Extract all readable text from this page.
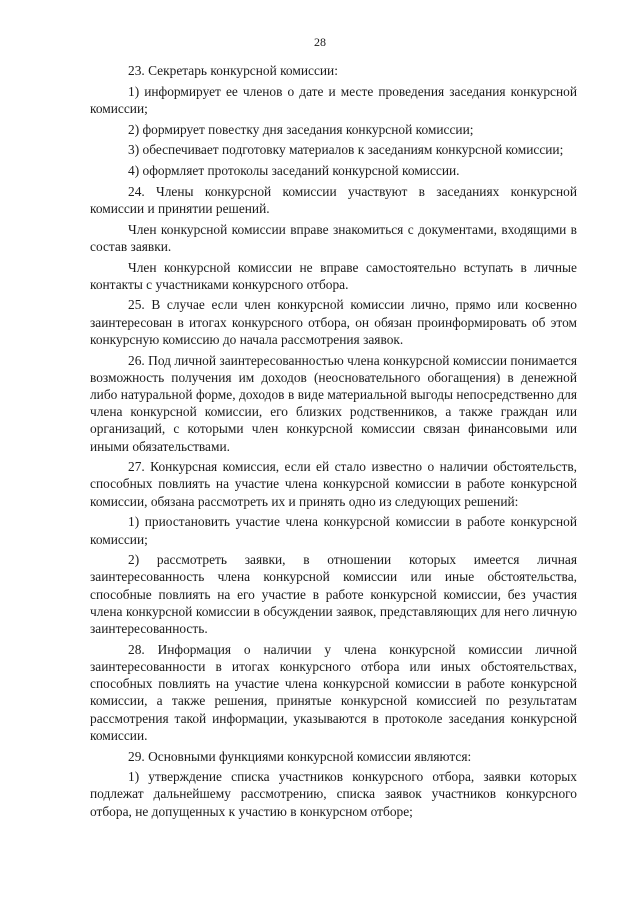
28

23. Секретарь конкурсной комиссии:

1) информирует ее членов о дате и месте проведения заседания конкурсной комиссии;

2) формирует повестку дня заседания конкурсной комиссии;

3) обеспечивает подготовку материалов к заседаниям конкурсной комиссии;

4) оформляет протоколы заседаний конкурсной комиссии.

24. Члены конкурсной комиссии участвуют в заседаниях конкурсной комиссии и принятии решений.

Член конкурсной комиссии вправе знакомиться с документами, входящими в состав заявки.

Член конкурсной комиссии не вправе самостоятельно вступать в личные контакты с участниками конкурсного отбора.

25. В случае если член конкурсной комиссии лично, прямо или косвенно заинтересован в итогах конкурсного отбора, он обязан проинформировать об этом конкурсную комиссию до начала рассмотрения заявок.

26. Под личной заинтересованностью члена конкурсной комиссии понимается возможность получения им доходов (неосновательного обогащения) в денежной либо натуральной форме, доходов в виде материальной выгоды непосредственно для члена конкурсной комиссии, его близких родственников, а также граждан или организаций, с которыми член конкурсной комиссии связан финансовыми или иными обязательствами.

27. Конкурсная комиссия, если ей стало известно о наличии обстоятельств, способных повлиять на участие члена конкурсной комиссии в работе конкурсной комиссии, обязана рассмотреть их и принять одно из следующих решений:

1) приостановить участие члена конкурсной комиссии в работе конкурсной комиссии;

2) рассмотреть заявки, в отношении которых имеется личная заинтересованность члена конкурсной комиссии или иные обстоятельства, способные повлиять на его участие в работе конкурсной комиссии, без участия члена конкурсной комиссии в обсуждении заявок, представляющих для него личную заинтересованность.

28. Информация о наличии у члена конкурсной комиссии личной заинтересованности в итогах конкурсного отбора или иных обстоятельствах, способных повлиять на участие члена конкурсной комиссии в работе конкурсной комиссии, а также решения, принятые конкурсной комиссией по результатам рассмотрения такой информации, указываются в протоколе заседания конкурсной комиссии.

29. Основными функциями конкурсной комиссии являются:

1) утверждение списка участников конкурсного отбора, заявки которых подлежат дальнейшему рассмотрению, списка заявок участников конкурсного отбора, не допущенных к участию в конкурсном отборе;
